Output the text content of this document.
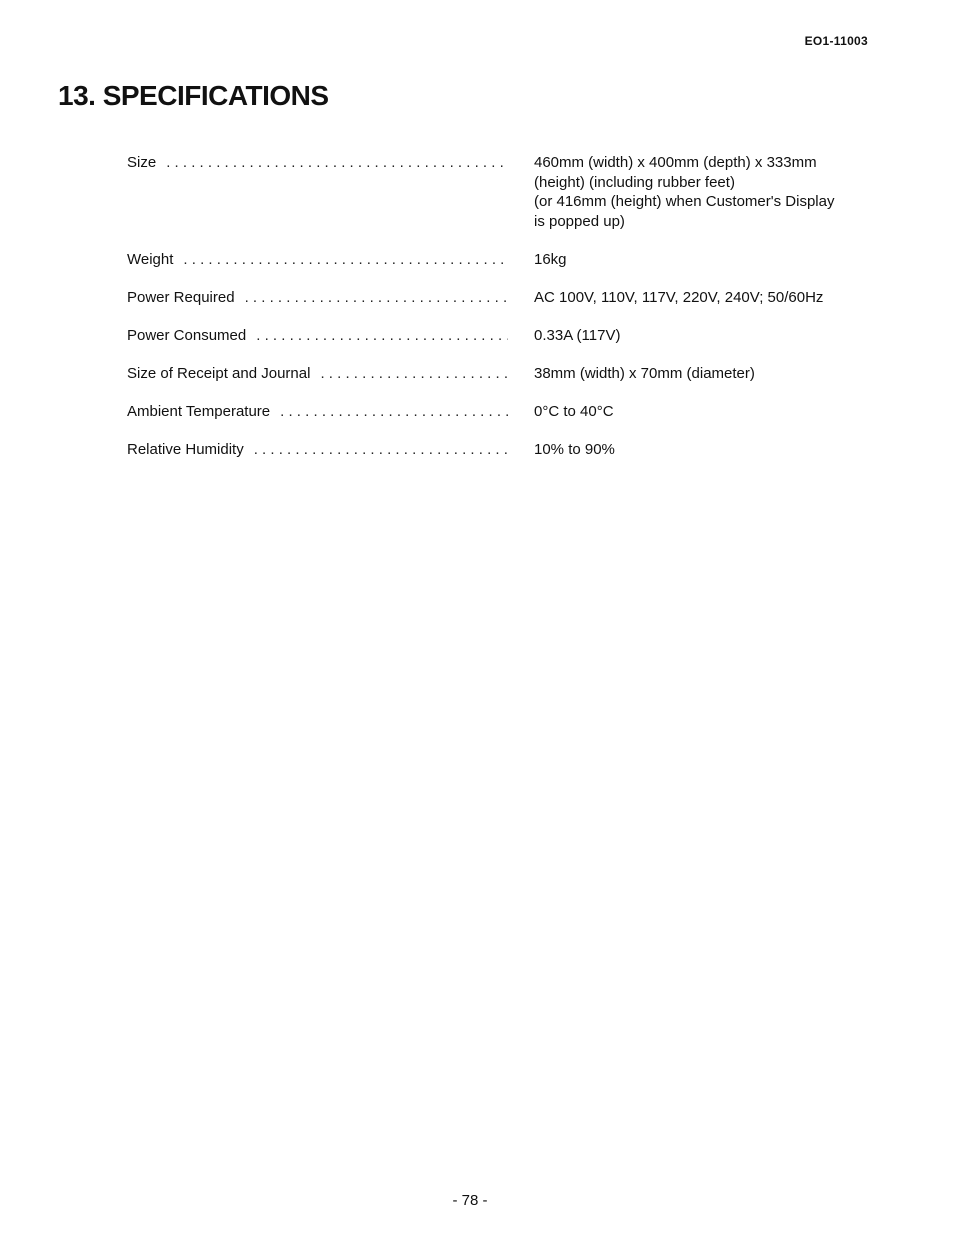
EO1-11003
13. SPECIFICATIONS
Size . . .	460mm (width) x 400mm (depth) x 333mm
(height) (including rubber feet)
(or 416mm (height) when Customer's Display
is popped up)
Weight . . .	16kg
Power Required . . .	AC 100V, 110V, 117V, 220V, 240V; 50/60Hz
Power Consumed . . .	0.33A (117V)
Size of Receipt and Journal . . .	38mm (width) x 70mm (diameter)
Ambient Temperature . . .	0°C to 40°C
Relative Humidity . . .	10% to 90%
- 78 -
